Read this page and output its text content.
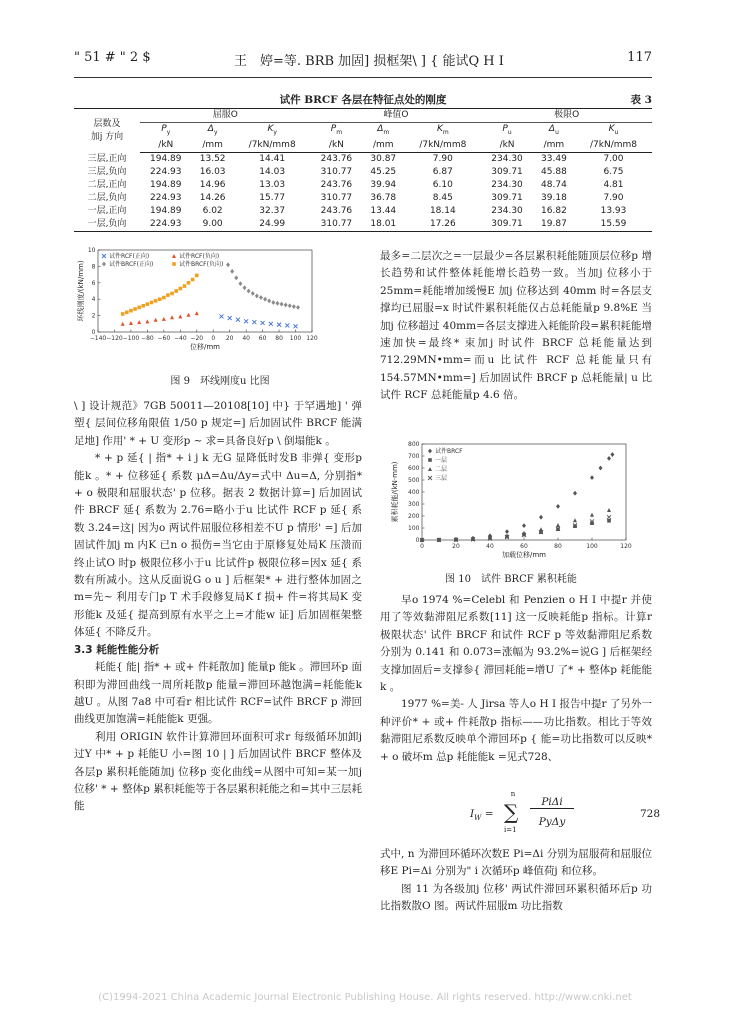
" 51 # " 2 $	王　婷=等. BRB 加固] 损框架\ ] { 能试Q H I	117
试件 BRCF 各层在特征点处的刚度	表 3
层数及
加j 方向	屈服O			峰值O			极限O		
	$P_y$	$\Delta_y$	$K_y$	$P_m$	$\Delta_m$	$K_m$	$P_u$	$\Delta_u$	$K_u$
	/kN	/mm	/7kN/mm8	/kN	/mm	/7kN/mm8	/kN	/mm	/7kN/mm8
三层,正向	194.89	13.52	14.41	243.76	30.87	7.90	234.30	33.49	7.00
三层,负向	224.93	16.03	14.03	310.77	45.25	6.87	309.71	45.88	6.75
二层,正向	194.89	14.96	13.03	243.76	39.94	6.10	234.30	48.74	4.81
二层,负向	224.93	14.26	15.77	310.77	36.78	8.45	309.71	39.18	7.90
一层,正向	194.89	6.02	32.37	243.76	13.44	18.14	234.30	16.82	13.93
一层,负向	224.93	9.00	24.99	310.77	18.01	17.26	309.71	19.87	15.59
−140 −120 −100 −80 −60 −40 −20 0 20 40 60 80 100 120
0
2
4
6
8
10
位移/mm
环线刚度/(kN/mm)
试件RCF(正向)	试件RCF(负向)
试件BRCF(正向)	试件BRCF(负向)
图 9　环线刚度u 比图
0	20	40	60	80	100	120
0
100
200
300
400
500
600
700
800
加载位移/mm
累积耗能/(kN·mm)
试件BRCF
一层
二层
三层
图 10　试件 BRCF 累积耗能

\ ] 设计规范》7GB 50011—20108[10] 中} 于罕遇地] ' 弹塑{ 层间位移角限值 1/50 p 规定=] 后加固试件 BRCF 能满足地] 作用' * + U 变形p ~ 求=具备良好p \ 倒塌能k 。

* + p 延{ | 指* + i j k 无G 显降低时发B 非弹{ 变形p 能k 。* + 位移延{ 系数 μΔ=Δu/Δy=式中 Δu=Δ, 分别指* + o 极限和屈服状态' p 位移。据表 2 数据计算=] 后加固试件 BRCF 延{ 系数为 2.76=略小于u 比试件 RCF p 延{ 系数 3.24=这| 因为o 两试件屈服位移相差不U p 情形' =] 后加固试件加j m 内K 已n o 损伤=当它由于原修复处局K 压溃而终止试O 时p 极限位移小于u 比试件p 极限位移=因x 延{ 系数有所减小。这从反面说G o u ] 后框架* + 进行整体加固之m=先~ 利用专门p T 术手段修复局K f 损+ 件=将其局K 变形能k 及延{ 提高到原有水平之上=才能w 证] 后加固框架整体延{ 不降反升。

3.3 耗能性能分析

耗能{ 能| 指* + 或+ 件耗散加] 能量p 能k 。滞回环p 面积即为滞回曲线一周所耗散p 能量=滞回环越饱满=耗能能k 越U 。从图 7a8 中可看r 相比试件 RCF=试件 BRCF p 滞回曲线更加饱满=耗能能k 更强。

利用 ORIGIN 软件计算滞回环面积可求r 每级循环加卸j 过Y 中* + p 耗能U 小=图 10 | ] 后加固试件 BRCF 整体及各层p 累积耗能随加j 位移p 变化曲线=从图中可知=某一加j 位移' * + 整体p 累积耗能等于各层累积耗能之和=其中三层耗能

最多=二层次之=一层最少=各层累积耗能随顶层位移p 增长趋势和试件整体耗能增长趋势一致。当加j 位移小于 25mm=耗能增加缓慢E 加j 位移达到 40mm 时=各层支撑均已屈服=x 时试件累积耗能仅占总耗能量p 9.8%E 当加j 位移超过 40mm=各层支撑进入耗能阶段=累积耗能增速加快=最终* 束加j 时试件 BRCF 总耗能量达到712.29MN•mm=而u 比试件 RCF 总耗能量只有154.57MN•mm=] 后加固试件 BRCF p 总耗能量| u 比试件 RCF 总耗能量p 4.6 倍。

早o 1974 %=Celebl 和 Penzien o H I 中提r 并使用了等效黏滞阻尼系数[11] 这一反映耗能p 指标。计算r 极限状态' 试件 BRCF 和试件 RCF p 等效黏滞阻尼系数分别为 0.141 和 0.073=涨幅为 93.2%=说G ] 后框架经支撑加固后=支撑参{ 滞回耗能=增U 了* + 整体p 耗能能k 。

1977 %=美- 人 Jirsa 等人o H I 报告中提r 了另外一种评价* + 或+ 件耗散p 指标——功比指数。相比于等效黏滞阻尼系数反映单个滞回环p { 能=功比指数可以反映* + o 破坏m 总p 耗能能k =见式728、

$I_W$ =
n
∑
i=1
PiΔi
PyΔy
728

式中, n 为滞回环循环次数E Pi=Δi 分别为屈服荷和屈服位移E Pi=Δi 分别为" i 次循环p 峰值荷j 和位移。

图 11 为各级加j 位移' 两试件滞回环累积循环后p 功比指数散O 图。两试件屈服m 功比指数

(C)1994-2021 China Academic Journal Electronic Publishing House. All rights reserved. http://www.cnki.net
